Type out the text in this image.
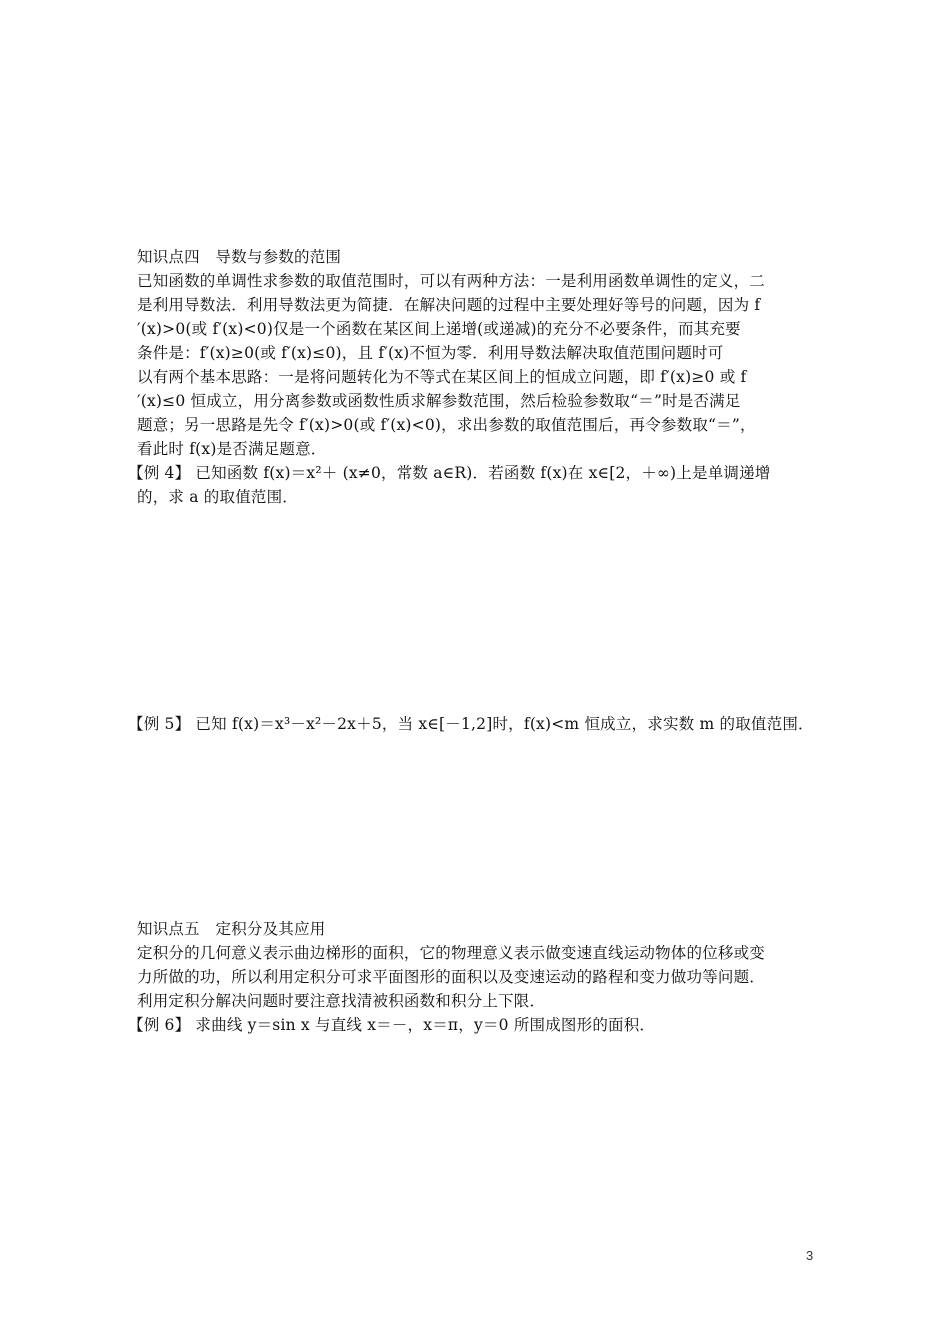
知识点四　导数与参数的范围
已知函数的单调性求参数的取值范围时，可以有两种方法：一是利用函数单调性的定义，二
是利用导数法．利用导数法更为简捷．在解决问题的过程中主要处理好等号的问题，因为 f
′(x)>0(或 f′(x)<0)仅是一个函数在某区间上递增(或递减)的充分不必要条件，而其充要
条件是：f′(x)≥0(或 f′(x)≤0)，且 f′(x)不恒为零．利用导数法解决取值范围问题时可
以有两个基本思路：一是将问题转化为不等式在某区间上的恒成立问题，即 f′(x)≥0 或 f
′(x)≤0 恒成立，用分离参数或函数性质求解参数范围，然后检验参数取“＝”时是否满足
题意；另一思路是先令 f′(x)>0(或 f′(x)<0)，求出参数的取值范围后，再令参数取“＝”，
看此时 f(x)是否满足题意．
【例 4】 已知函数 f(x)＝x²＋ (x≠0，常数 a∈R)．若函数 f(x)在 x∈[2，＋∞)上是单调递增
的，求 a 的取值范围．
【例 5】 已知 f(x)＝x³－x²－2x＋5，当 x∈[－1,2]时，f(x)<m 恒成立，求实数 m 的取值范围．
知识点五　定积分及其应用
定积分的几何意义表示曲边梯形的面积，它的物理意义表示做变速直线运动物体的位移或变
力所做的功，所以利用定积分可求平面图形的面积以及变速运动的路程和变力做功等问题．
利用定积分解决问题时要注意找清被积函数和积分上下限．
【例 6】 求曲线 y＝sin x 与直线 x＝－，x＝π，y＝0 所围成图形的面积．
3
